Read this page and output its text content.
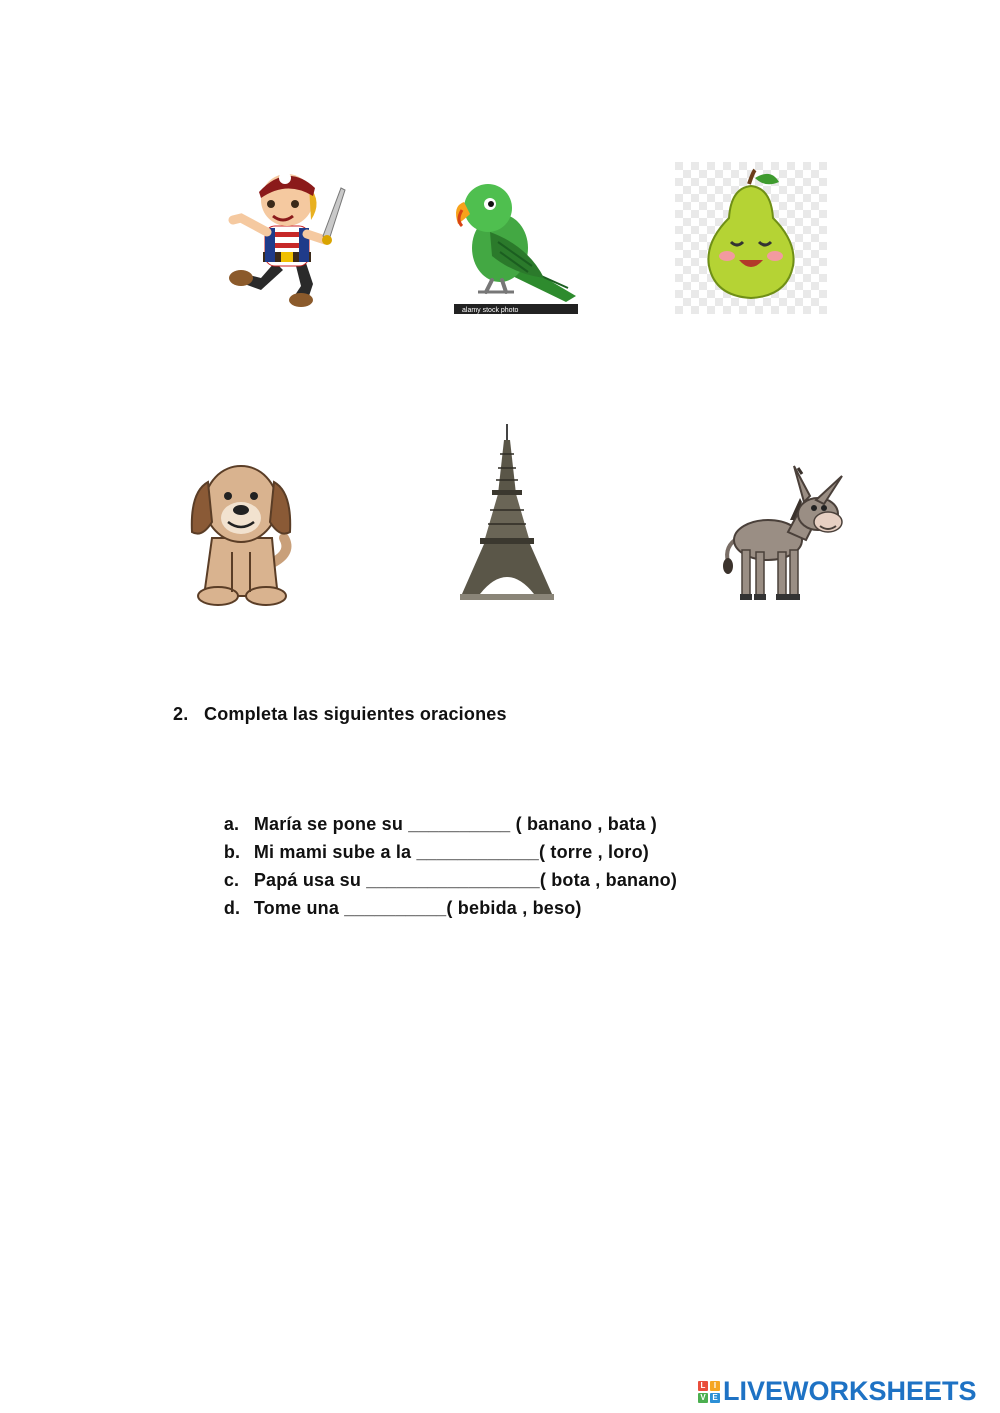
alamy stock photo
2. Completa las siguientes oraciones

a. María se pone su __________ ( banano , bata )

b. Mi mami sube a la ____________( torre , loro)

c. Papá usa su _________________( bota , banano)

d. Tome una __________( bebida , beso)

L	I
V E LIVEWORKSHEETS
